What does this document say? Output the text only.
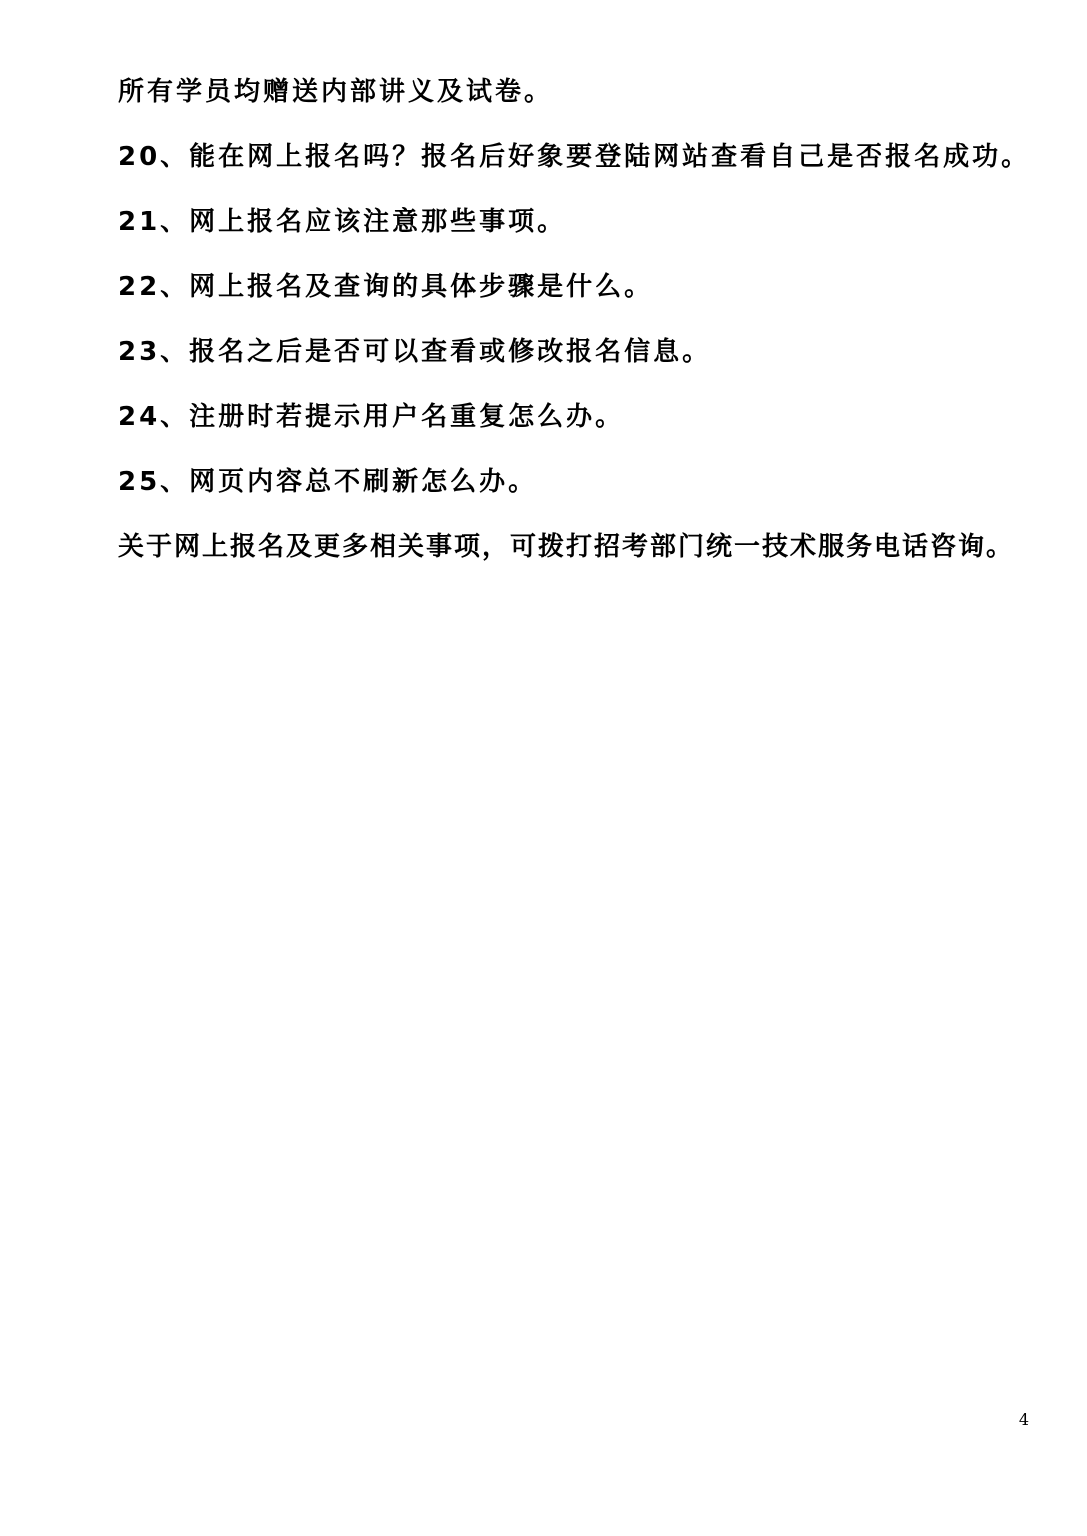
所有学员均赠送内部讲义及试卷。
20、能在网上报名吗？报名后好象要登陆网站查看自己是否报名成功。
21、网上报名应该注意那些事项。
22、网上报名及查询的具体步骤是什么。
23、报名之后是否可以查看或修改报名信息。
24、注册时若提示用户名重复怎么办。
25、网页内容总不刷新怎么办。
关于网上报名及更多相关事项，可拨打招考部门统一技术服务电话咨询。
4
